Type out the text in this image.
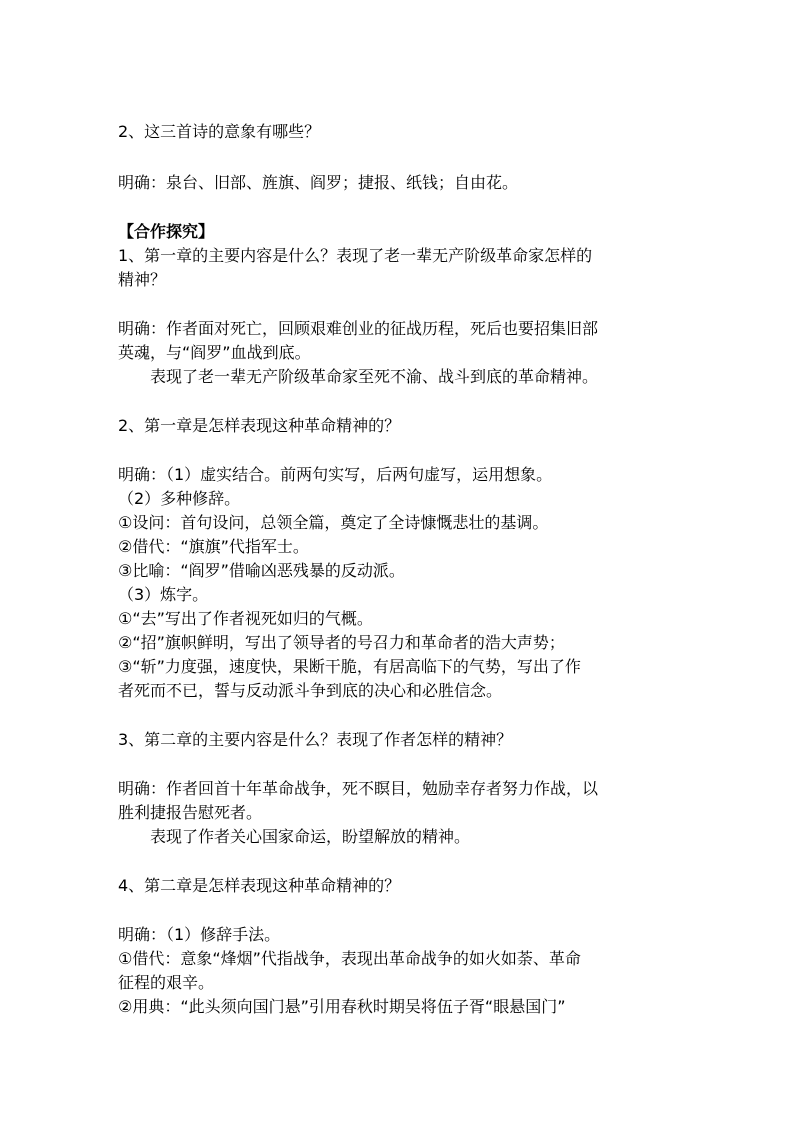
2、这三首诗的意象有哪些？
明确：泉台、旧部、旌旗、阎罗；捷报、纸钱；自由花。
【合作探究】
1、第一章的主要内容是什么？表现了老一辈无产阶级革命家怎样的
精神？
明确：作者面对死亡，回顾艰难创业的征战历程，死后也要招集旧部
英魂，与“阎罗”血战到底。
表现了老一辈无产阶级革命家至死不渝、战斗到底的革命精神。
2、第一章是怎样表现这种革命精神的？
明确：（1）虚实结合。前两句实写，后两句虚写，运用想象。
（2）多种修辞。
①设问：首句设问，总领全篇，奠定了全诗慷慨悲壮的基调。
②借代：“旗旗”代指军士。
③比喻：“阎罗”借喻凶恶残暴的反动派。
（3）炼字。
①“去”写出了作者视死如归的气概。
②“招”旗帜鲜明，写出了领导者的号召力和革命者的浩大声势；
③“斩”力度强，速度快，果断干脆，有居高临下的气势，写出了作
者死而不已，誓与反动派斗争到底的决心和必胜信念。
3、第二章的主要内容是什么？表现了作者怎样的精神？
明确：作者回首十年革命战争，死不瞑目，勉励幸存者努力作战，以
胜利捷报告慰死者。
表现了作者关心国家命运，盼望解放的精神。
4、第二章是怎样表现这种革命精神的？
明确：（1）修辞手法。
①借代：意象“烽烟”代指战争，表现出革命战争的如火如荼、革命
征程的艰辛。
②用典：“此头须向国门悬”引用春秋时期吴将伍子胥“眼悬国门”
